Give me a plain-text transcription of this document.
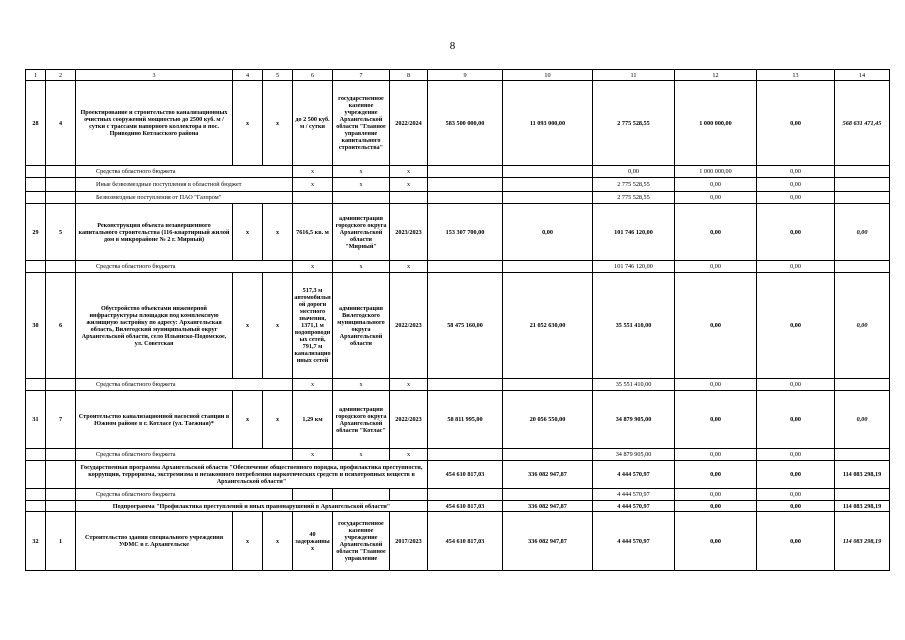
8
1	2	3	4	5	6	7	8	9	10	11	12	13	14
28	4	Проектирование и строительство канализационных очистных сооружений мощностью до 2500 куб. м / сутки с трассами напорного коллектора в пос. Приводино Котласского района	х	х	до 2 500 куб. м / сутки	государственное казенное учреждение Архангельской области "Главное управление капитального строительства"	2022/2024	583 500 000,00	11 093 000,00	2 775 528,55	1 000 000,00	0,00	568 631 471,45
		Средства областного бюджета			х	х	х			0,00	1 000 000,00	0,00	
		Иные безвозмездные поступления в областной бюджет			х	х	х			2 775 528,55	0,00	0,00	
		Безвозмездные поступления от ПАО "Газпром"								2 775 528,55	0,00	0,00	
29	5	Реконструкция объекта незавершенного капитального строительства (116-квартирный жилой дом в микрорайоне № 2 г. Мирный)	х	х	7616,5 кв. м	администрация городского округа Архангельской области "Мирный"	2023/2023	153 307 700,00	0,00	101 746 120,00	0,00	0,00	0,00
		Средства областного бюджета			х	х	х			101 746 120,00	0,00	0,00	
30	6	Обустройство объектами инженерной инфраструктуры площадки под комплексную жилищную застройку по адресу: Архангельская область, Вилегодский муниципальный округ Архангельской области, село Ильинско-Подомское, ул. Советская	х	х	517,3 м автомобильной дороги местного значения, 1371,1 м водопроводных сетей, 791,7 м канализационных сетей	администрация Вилегодского муниципального округа Архангельской области	2022/2023	58 475 160,00	21 052 630,00	35 551 410,00	0,00	0,00	0,00
		Средства областного бюджета			х	х	х			35 551 410,00	0,00	0,00	
31	7	Строительство канализационной насосной станции в Южном районе в г. Котласе (ул. Таежная)*	х	х	1,29 км	администрация городского округа Архангельской области "Котлас"	2022/2023	58 811 995,00	20 056 550,00	34 879 905,00	0,00	0,00	0,00
		Средства областного бюджета			х	х	х			34 879 905,00	0,00	0,00	
		Государственная программа Архангельской области "Обеспечение общественного порядка, профилактика преступности, коррупции, терроризма, экстремизма и незаконного потребления наркотических средств и психотропных веществ в Архангельской области"						454 610 817,03	336 082 947,87	4 444 570,97	0,00	0,00	114 083 298,19
		Средства областного бюджета								4 444 570,97	0,00	0,00	
		Подпрограмма "Профилактика преступлений и иных правонарушений в Архангельской области"						454 610 817,03	336 082 947,87	4 444 570,97	0,00	0,00	114 083 298,19
32	1	Строительство здания специального учреждения УФМС в г. Архангельске	х	х	40 задержанных	государственное казенное учреждение Архангельской области "Главное управление	2017/2023	454 610 817,03	336 082 947,87	4 444 570,97	0,00	0,00	114 083 298,19
